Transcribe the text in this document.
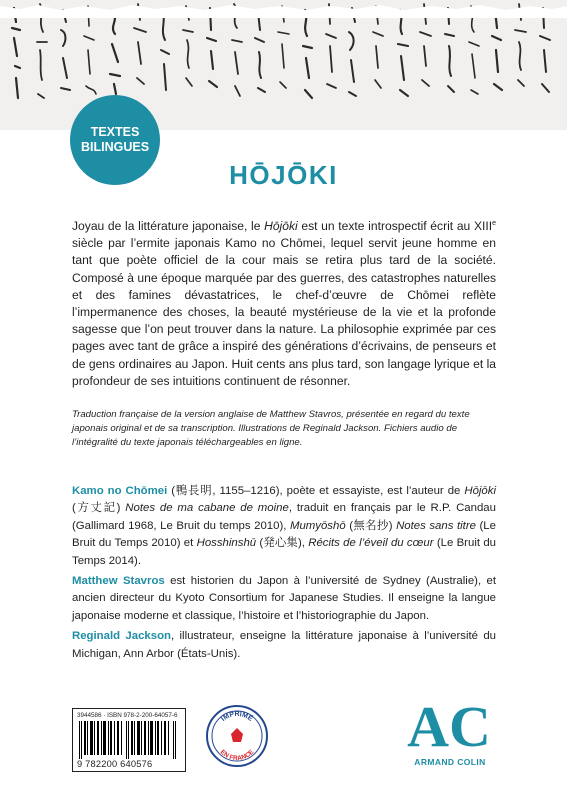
TEXTES
BILINGUES
HŌJŌKI

Joyau de la littérature japonaise, le Hōjōki est un texte introspectif écrit au XIIIe siècle par l’ermite japonais Kamo no Chōmei, lequel servit jeune homme en tant que poète officiel de la cour mais se retira plus tard de la société. Composé à une époque marquée par des guerres, des catastrophes naturelles et des famines dévastatrices, le chef-d’œuvre de Chōmei reflète l’impermanence des choses, la beauté mystérieuse de la vie et la profonde sagesse que l’on peut trouver dans la nature. La philosophie exprimée par ces pages avec tant de grâce a inspiré des générations d’écrivains, de penseurs et de gens ordinaires au Japon. Huit cents ans plus tard, son langage lyrique et la profondeur de ses intuitions continuent de résonner.

Traduction française de la version anglaise de Matthew Stavros, présentée en regard du texte japonais original et de sa transcription. Illustrations de Reginald Jackson. Fichiers audio de l’intégralité du texte japonais téléchargeables en ligne.

Kamo no Chōmei (鴨長明, 1155–1216), poète et essayiste, est l’auteur de Hōjōki (方丈記) Notes de ma cabane de moine, traduit en français par le R.P. Candau (Gallimard 1968, Le Bruit du temps 2010), Mumyōshō (無名抄) Notes sans titre (Le Bruit du Temps 2010) et Hosshinshū (発心集), Récits de l’éveil du cœur (Le Bruit du Temps 2014).

Matthew Stavros est historien du Japon à l’université de Sydney (Australie), et ancien directeur du Kyoto Consortium for Japanese Studies. Il enseigne la langue japonaise moderne et classique, l’histoire et l’historiographie du Japon.

Reginald Jackson, illustrateur, enseigne la littérature japonaise à l’université du Michigan, Ann Arbor (États-Unis).

3944586 · ISBN 978-2-200-64057-6
9 782200 640576
IMPRIMÉ
EN FRANCE	AC
ARMAND COLIN
